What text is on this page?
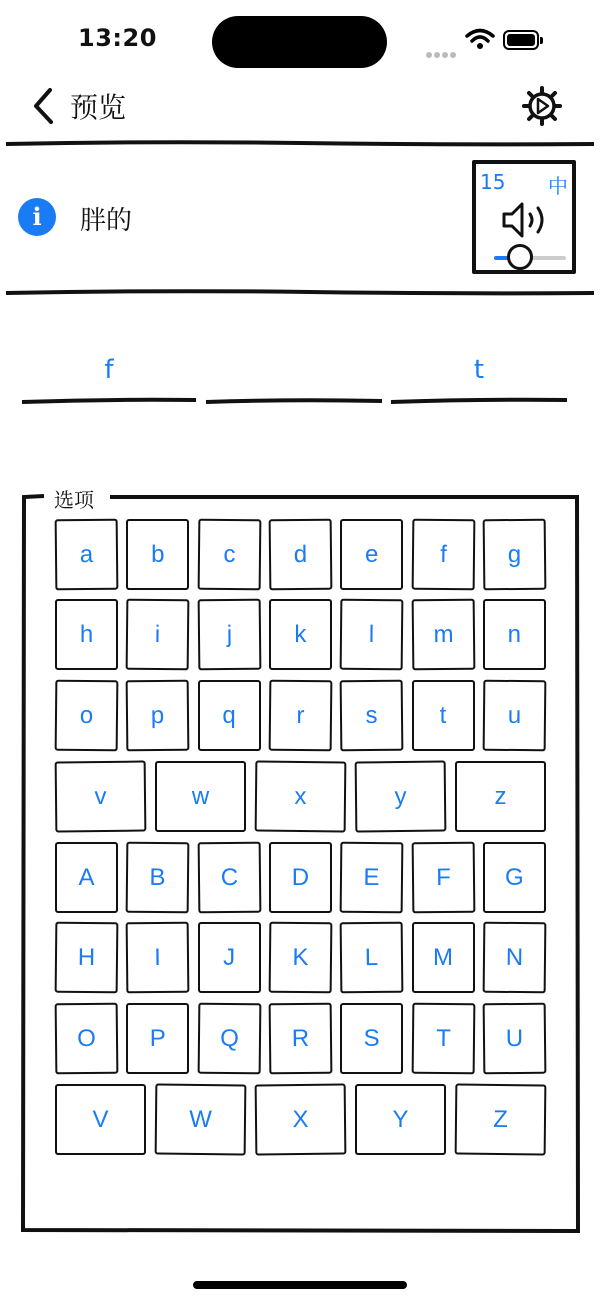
13:20
预览
i	胖的
15 中
f	t
选项
a	b	c	d	e	f	g
h	i	j	k	l	m	n
o	p	q	r	s	t	u
v	w	x	y	z
A	B	C	D	E	F	G
H	I	J	K	L	M	N
O	P	Q	R	S	T	U
V	W	X	Y	Z
